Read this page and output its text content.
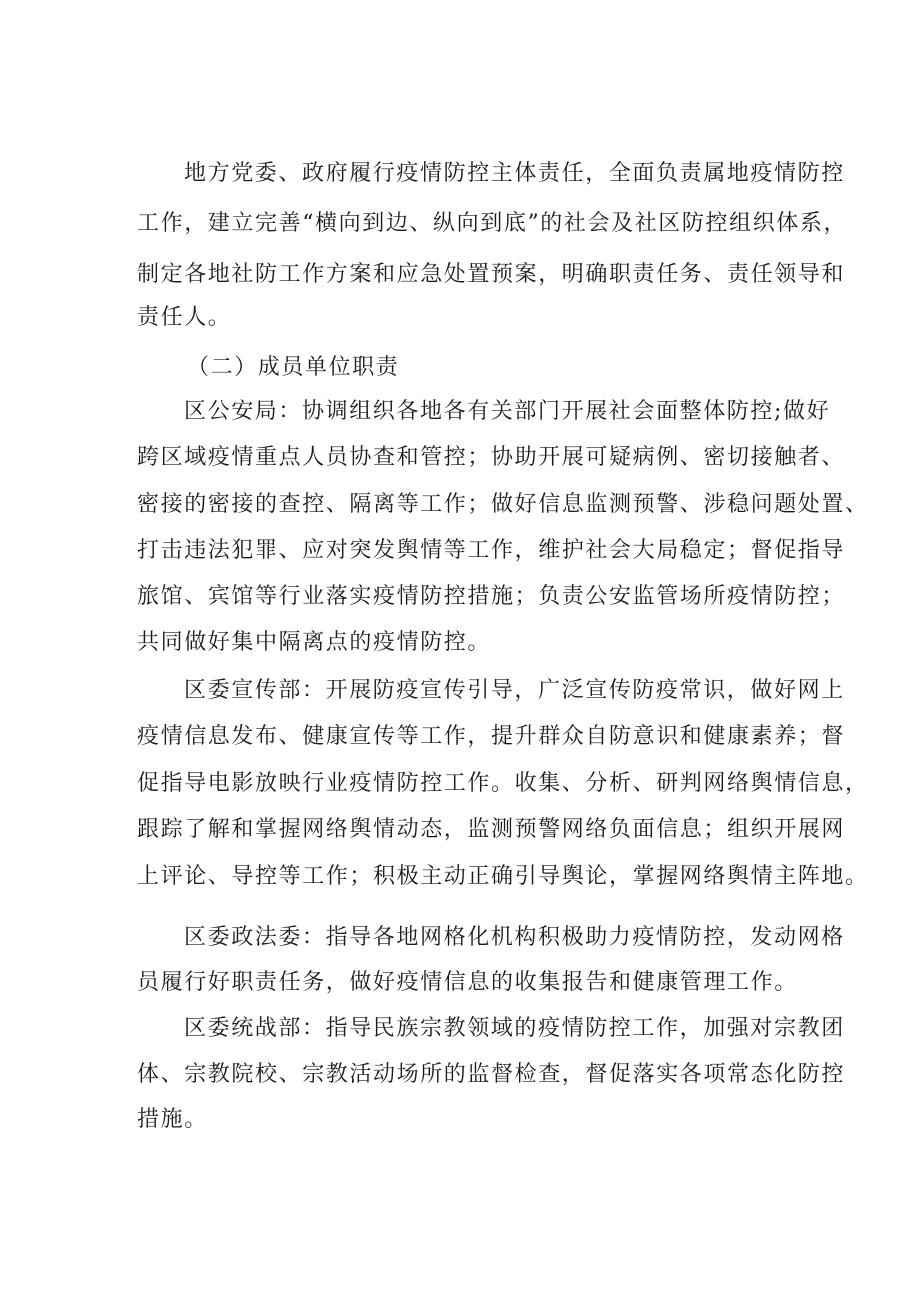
地方党委、政府履行疫情防控主体责任，全面负责属地疫情防控
工作，建立完善“横向到边、纵向到底”的社会及社区防控组织体系，
制定各地社防工作方案和应急处置预案，明确职责任务、责任领导和
责任人。
（二）成员单位职责
区公安局：协调组织各地各有关部门开展社会面整体防控;做好
跨区域疫情重点人员协查和管控；协助开展可疑病例、密切接触者、
密接的密接的查控、隔离等工作；做好信息监测预警、涉稳问题处置、
打击违法犯罪、应对突发舆情等工作，维护社会大局稳定；督促指导
旅馆、宾馆等行业落实疫情防控措施；负责公安监管场所疫情防控；
共同做好集中隔离点的疫情防控。
区委宣传部：开展防疫宣传引导，广泛宣传防疫常识，做好网上
疫情信息发布、健康宣传等工作，提升群众自防意识和健康素养；督
促指导电影放映行业疫情防控工作。收集、分析、研判网络舆情信息，
跟踪了解和掌握网络舆情动态，监测预警网络负面信息；组织开展网
上评论、导控等工作；积极主动正确引导舆论，掌握网络舆情主阵地。
区委政法委：指导各地网格化机构积极助力疫情防控，发动网格
员履行好职责任务，做好疫情信息的收集报告和健康管理工作。
区委统战部：指导民族宗教领域的疫情防控工作，加强对宗教团
体、宗教院校、宗教活动场所的监督检查，督促落实各项常态化防控
措施。
